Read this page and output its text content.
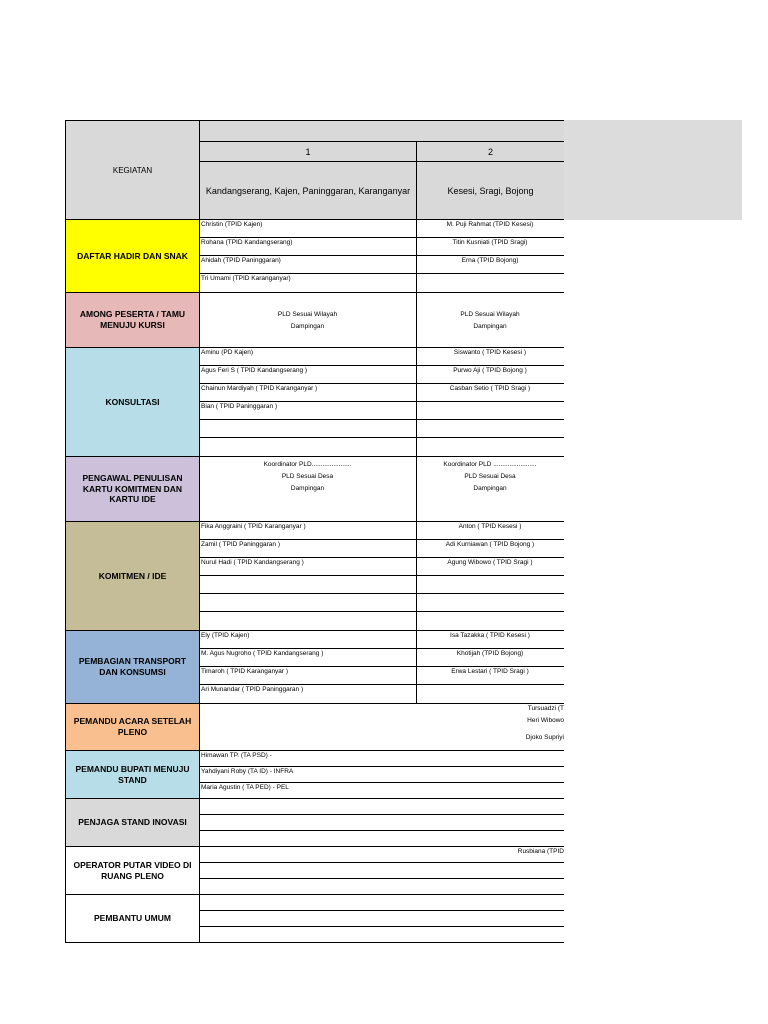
KEGIATAN
1	2
Kandangserang, Kajen, Paninggaran, Karanganyar	Kesesi, Sragi, Bojong
DAFTAR HADIR DAN SNAK
Christin (TPID Kajen)
Rohana (TPID Kandangserang)
Ahidah (TPID Paninggaran)
Tri Umami (TPID Karanganyar)
M. Puji Rahmat (TPID Kesesi)
Titin Kusniati (TPID Sragi)
Erna (TPID Bojong)
AMONG PESERTA / TAMU MENUJU KURSI
PLD Sesuai Wilayah
Dampingan
PLD Sesuai Wilayah
Dampingan
KONSULTASI
Aminu (PD Kajen)
Agus Feri S ( TPID Kandangserang )
Chainun Mardiyah ( TPID Karanganyar )
Bian ( TPID Paninggaran )
Siswanto ( TPID Kesesi )
Purwo Aji ( TPID Bojong )
Casban Setio ( TPID Sragi )
PENGAWAL PENULISAN KARTU KOMITMEN DAN KARTU IDE
Koordinator PLD......................
PLD Sesuai Desa
Dampingan
Koordinator PLD ........................
PLD Sesuai Desa
Dampingan
KOMITMEN / IDE
Fika Anggraini ( TPID Karanganyar )
Zamil ( TPID Paninggaran )
Nurul Hadi ( TPID Kandangserang )
Anton ( TPID Kesesi )
Adi Kurniawan ( TPID Bojong )
Agung Wibowo ( TPID Sragi )
PEMBAGIAN TRANSPORT DAN KONSUMSI
Ely (TPID Kajen)
M. Agus Nugroho ( TPID Kandangserang )
Timaroh ( TPID Karanganyar )
Ari Munandar ( TPID Paninggaran )
Isa Tazakka ( TPID Kesesi )
Khotijah (TPID Bojong)
Erwa Lestari ( TPID Sragi )
PEMANDU ACARA SETELAH PLENO
Tursuadzi (T
Heri Wibowo
Djoko Supriyi
PEMANDU BUPATI MENUJU STAND
Himawan TP. (TA PSD) -
Yahdiyani Roby (TA ID) - INFRA
Maria Agustin ( TA PED) - PEL
PENJAGA STAND INOVASI
OPERATOR PUTAR VIDEO DI RUANG PLENO
Rusbiana (TPID
PEMBANTU UMUM
